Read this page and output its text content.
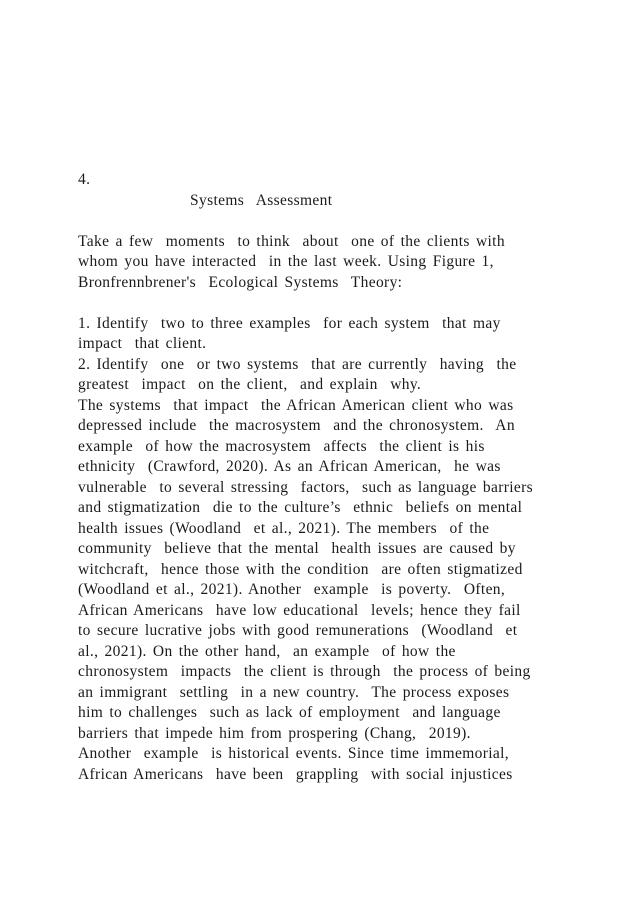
4.
Systems  Assessment
Take a few  moments  to think  about  one of the clients with
whom you have interacted  in the last week. Using Figure 1,
Bronfrennbrener's  Ecological Systems  Theory:
1. Identify  two to three examples  for each system  that may
impact  that client.
2. Identify  one  or two systems  that are currently  having  the
greatest  impact  on the client,  and explain  why.
The systems  that impact  the African American client who was
depressed include  the macrosystem  and the chronosystem.  An
example  of how the macrosystem  affects  the client is his
ethnicity  (Crawford, 2020). As an African American,  he was
vulnerable  to several stressing  factors,  such as language barriers
and stigmatization  die to the culture’s  ethnic  beliefs on mental
health issues (Woodland  et al., 2021). The members  of the
community  believe that the mental  health issues are caused by
witchcraft,  hence those with the condition  are often stigmatized
(Woodland et al., 2021). Another  example  is poverty.  Often,
African Americans  have low educational  levels; hence they fail
to secure lucrative jobs with good remunerations  (Woodland  et
al., 2021). On the other hand,  an example  of how the
chronosystem  impacts  the client is through  the process of being
an immigrant  settling  in a new country.  The process exposes
him to challenges  such as lack of employment  and language
barriers that impede him from prospering (Chang,  2019).
Another  example  is historical events. Since time immemorial,
African Americans  have been  grappling  with social injustices
